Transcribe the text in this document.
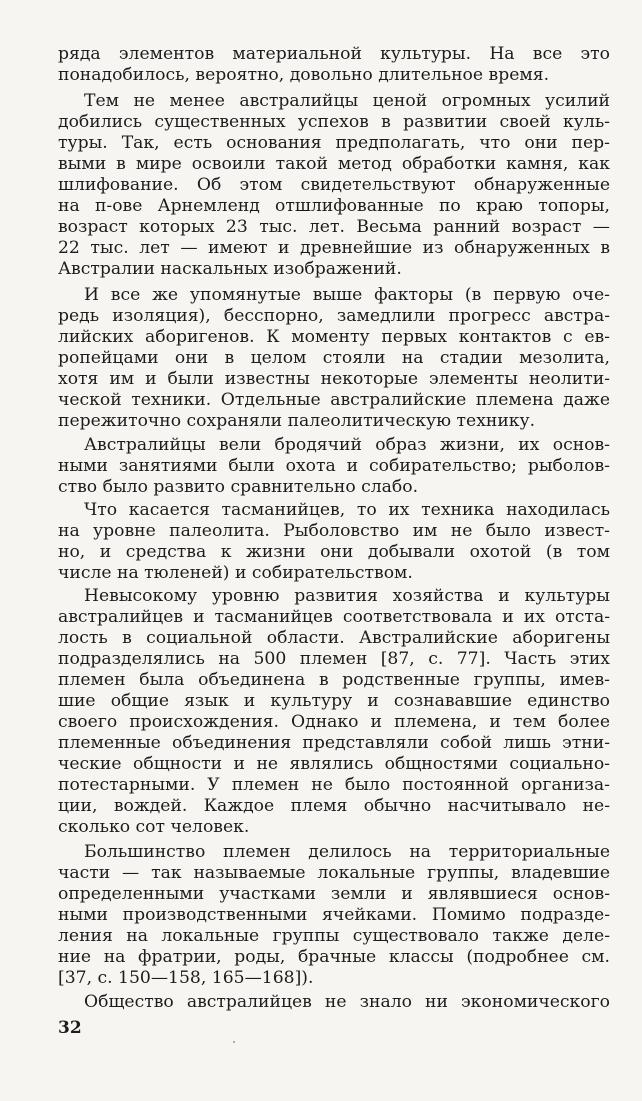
ряда элементов материальной культуры. На все это
понадобилось, вероятно, довольно длительное время.
Тем не менее австралийцы ценой огромных усилий
добились существенных успехов в развитии своей куль-
туры. Так, есть основания предполагать, что они пер-
выми в мире освоили такой метод обработки камня, как
шлифование. Об этом свидетельствуют обнаруженные
на п-ове Арнемленд отшлифованные по краю топоры,
возраст которых 23 тыс. лет. Весьма ранний возраст —
22 тыс. лет — имеют и древнейшие из обнаруженных в
Австралии наскальных изображений.
И все же упомянутые выше факторы (в первую оче-
редь изоляция), бесспорно, замедлили прогресс австра-
лийских аборигенов. К моменту первых контактов с ев-
ропейцами они в целом стояли на стадии мезолита,
хотя им и были известны некоторые элементы неолити-
ческой техники. Отдельные австралийские племена даже
пережиточно сохраняли палеолитическую технику.
Австралийцы вели бродячий образ жизни, их основ-
ными занятиями были охота и собирательство; рыболов-
ство было развито сравнительно слабо.
Что касается тасманийцев, то их техника находилась
на уровне палеолита. Рыболовство им не было извест-
но, и средства к жизни они добывали охотой (в том
числе на тюленей) и собирательством.
Невысокому уровню развития хозяйства и культуры
австралийцев и тасманийцев соответствовала и их отста-
лость в социальной области. Австралийские аборигены
подразделялись на 500 племен [87, с. 77]. Часть этих
племен была объединена в родственные группы, имев-
шие общие язык и культуру и сознававшие единство
своего происхождения. Однако и племена, и тем более
племенные объединения представляли собой лишь этни-
ческие общности и не являлись общностями социально-
потестарными. У племен не было постоянной организа-
ции, вождей. Каждое племя обычно насчитывало не-
сколько сот человек.
Большинство племен делилось на территориальные
части — так называемые локальные группы, владевшие
определенными участками земли и являвшиеся основ-
ными производственными ячейками. Помимо подразде-
ления на локальные группы существовало также деле-
ние на фратрии, роды, брачные классы (подробнее см.
[37, с. 150—158, 165—168]).
Общество австралийцев не знало ни экономического
32
